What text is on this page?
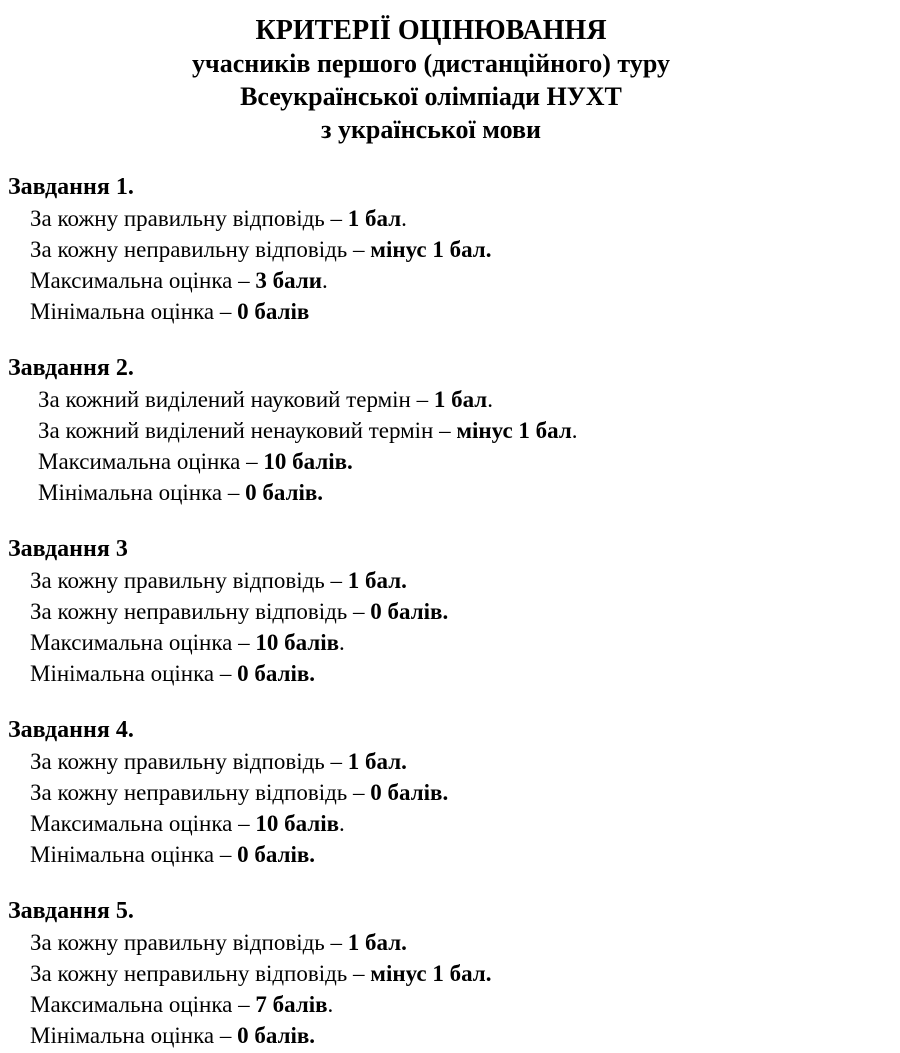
КРИТЕРІЇ ОЦІНЮВАННЯ
учасників першого (дистанційного) туру
Всеукраїнської олімпіади НУХТ
з української мови
Завдання 1.
За кожну правильну відповідь – 1 бал.
За кожну неправильну відповідь – мінус 1 бал.
Максимальна оцінка – 3 бали.
Мінімальна оцінка – 0 балів
Завдання 2.
За кожний виділений науковий термін – 1 бал.
За кожний виділений ненауковий термін – мінус 1 бал.
Максимальна оцінка – 10 балів.
Мінімальна оцінка – 0 балів.
Завдання 3
За кожну правильну відповідь – 1 бал.
За кожну неправильну відповідь – 0 балів.
Максимальна оцінка – 10 балів.
Мінімальна оцінка – 0 балів.
Завдання 4.
За кожну правильну відповідь – 1 бал.
За кожну неправильну відповідь – 0 балів.
Максимальна оцінка – 10 балів.
Мінімальна оцінка – 0 балів.
Завдання 5.
За кожну правильну відповідь – 1 бал.
За кожну неправильну відповідь – мінус 1 бал.
Максимальна оцінка – 7 балів.
Мінімальна оцінка – 0 балів.
